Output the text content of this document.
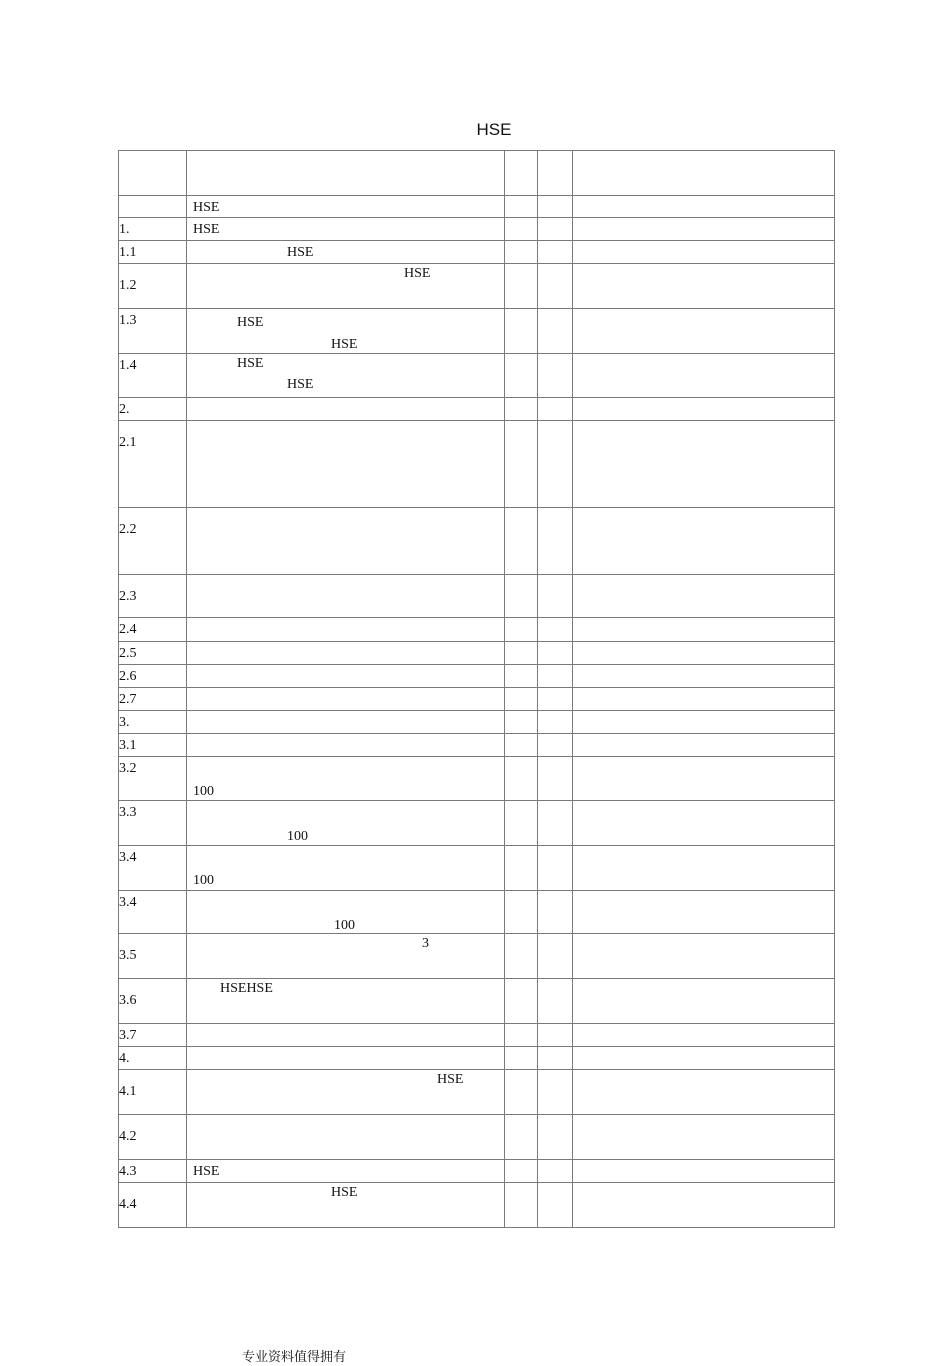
HSE

	HSE			

1.	HSE			

1.1	HSE			

1.2	HSE			

1.3	HSE
HSE			

1.4	HSE
HSE			

2.				

2.1				

2.2				

2.3				

2.4				

2.5				

2.6				

2.7				

3.				

3.1				

3.2	100			

3.3	100			

3.4	100			

3.4	100			

3.5	3			

3.6	HSEHSE			

3.7				

4.				

4.1	HSE			

4.2				

4.3	HSE			

4.4	HSE			

专业资料值得拥有
